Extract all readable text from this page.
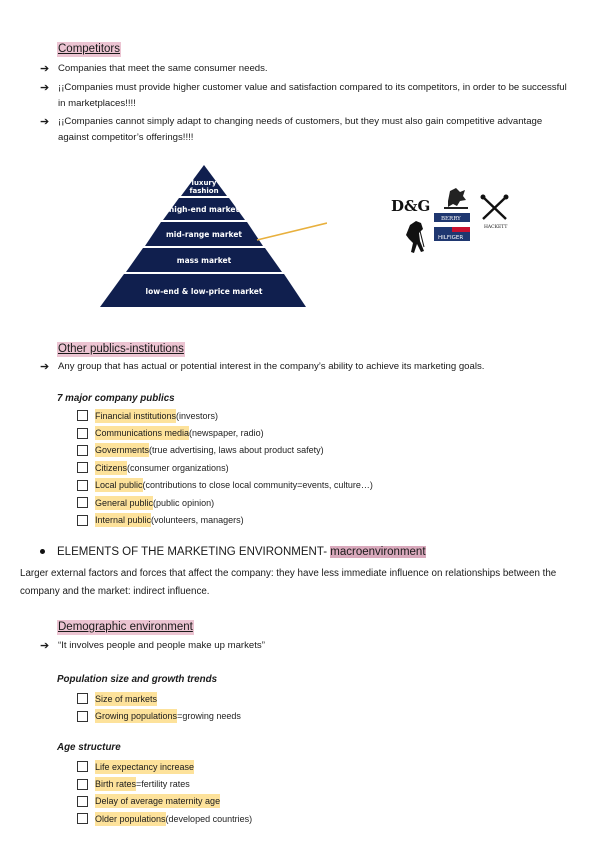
Competitors
➔ Companies that meet the same consumer needs.
➔ ¡¡Companies must provide higher customer value and satisfaction compared to its competitors, in order to be successful in marketplaces!!!!
➔ ¡¡Companies cannot simply adapt to changing needs of customers, but they must also gain competitive advantage against competitor’s offerings!!!!
luxury
fashion
high-end market
mid-range market
mass market
low-end & low-price market
D&G
HACKETT
BERRY
HILFIGER
Other publics-institutions
➔ Any group that has actual or potential interest in the company’s ability to achieve its marketing goals.
7 major company publics
Financial institutions (investors)
Communications media (newspaper, radio)
Governments (true advertising, laws about product safety)
Citizens (consumer organizations)
Local public (contributions to close local community=events, culture…)
General public (public opinion)
Internal public (volunteers, managers)
ELEMENTS OF THE MARKETING ENVIRONMENT- macroenvironment
Larger external factors and forces that affect the company: they have less immediate influence on relationships between the company and the market: indirect influence.
Demographic environment
➔ “It involves people and people make up markets”
Population size and growth trends
Size of markets
Growing populations =growing needs
Age structure
Life expectancy increase
Birth rates =fertility rates
Delay of average maternity age
Older populations (developed countries)
